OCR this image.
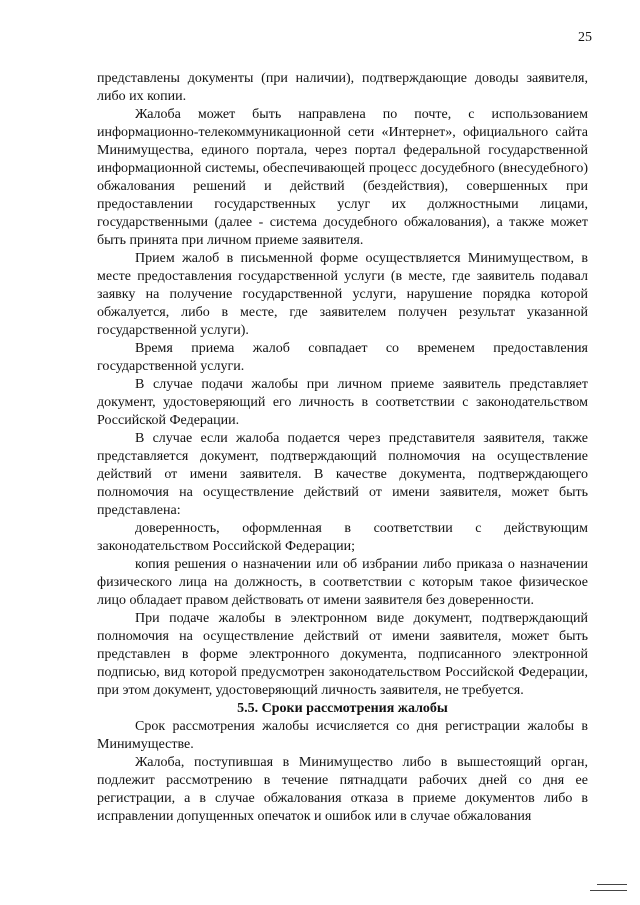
25

представлены документы (при наличии), подтверждающие доводы заявителя, либо их копии.

Жалоба может быть направлена по почте, с использованием информационно-телекоммуникационной сети «Интернет», официального сайта Минимущества, единого портала, через портал федеральной государственной информационной системы, обеспечивающей процесс досудебного (внесудебного) обжалования решений и действий (бездействия), совершенных при предоставлении государственных услуг их должностными лицами, государственными (далее - система досудебного обжалования), а также может быть принята при личном приеме заявителя.

Прием жалоб в письменной форме осуществляется Минимуществом, в месте предоставления государственной услуги (в месте, где заявитель подавал заявку на получение государственной услуги, нарушение порядка которой обжалуется, либо в месте, где заявителем получен результат указанной государственной услуги).

Время приема жалоб совпадает со временем предоставления государственной услуги.

В случае подачи жалобы при личном приеме заявитель представляет документ, удостоверяющий его личность в соответствии с законодательством Российской Федерации.

В случае если жалоба подается через представителя заявителя, также представляется документ, подтверждающий полномочия на осуществление действий от имени заявителя. В качестве документа, подтверждающего полномочия на осуществление действий от имени заявителя, может быть представлена:

доверенность, оформленная в соответствии с действующим законодательством Российской Федерации;

копия решения о назначении или об избрании либо приказа о назначении физического лица на должность, в соответствии с которым такое физическое лицо обладает правом действовать от имени заявителя без доверенности.

При подаче жалобы в электронном виде документ, подтверждающий полномочия на осуществление действий от имени заявителя, может быть представлен в форме электронного документа, подписанного электронной подписью, вид которой предусмотрен законодательством Российской Федерации, при этом документ, удостоверяющий личность заявителя, не требуется.

5.5. Сроки рассмотрения жалобы

Срок рассмотрения жалобы исчисляется со дня регистрации жалобы в Минимуществе.

Жалоба, поступившая в Минимущество либо в вышестоящий орган, подлежит рассмотрению в течение пятнадцати рабочих дней со дня ее регистрации, а в случае обжалования отказа в приеме документов либо в исправлении допущенных опечаток и ошибок или в случае обжалования
